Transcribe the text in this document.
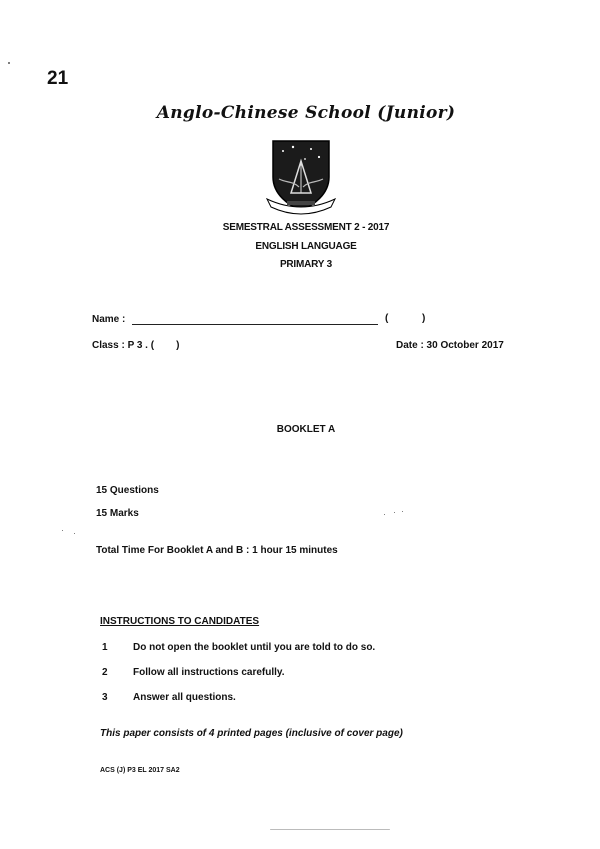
21
Anglo-Chinese School (Junior)
SEMESTRAL ASSESSMENT 2 - 2017
ENGLISH LANGUAGE
PRIMARY 3
Name :	(	)
Class : P 3 . ( )	Date : 30 October 2017
BOOKLET A
15 Questions
15 Marks
Total Time For Booklet A and B : 1 hour 15 minutes
INSTRUCTIONS TO CANDIDATES
1	Do not open the booklet until you are told to do so.
2	Follow all instructions carefully.
3	Answer all questions.
This paper consists of 4 printed pages (inclusive of cover page)
ACS (J) P3 EL 2017 SA2
